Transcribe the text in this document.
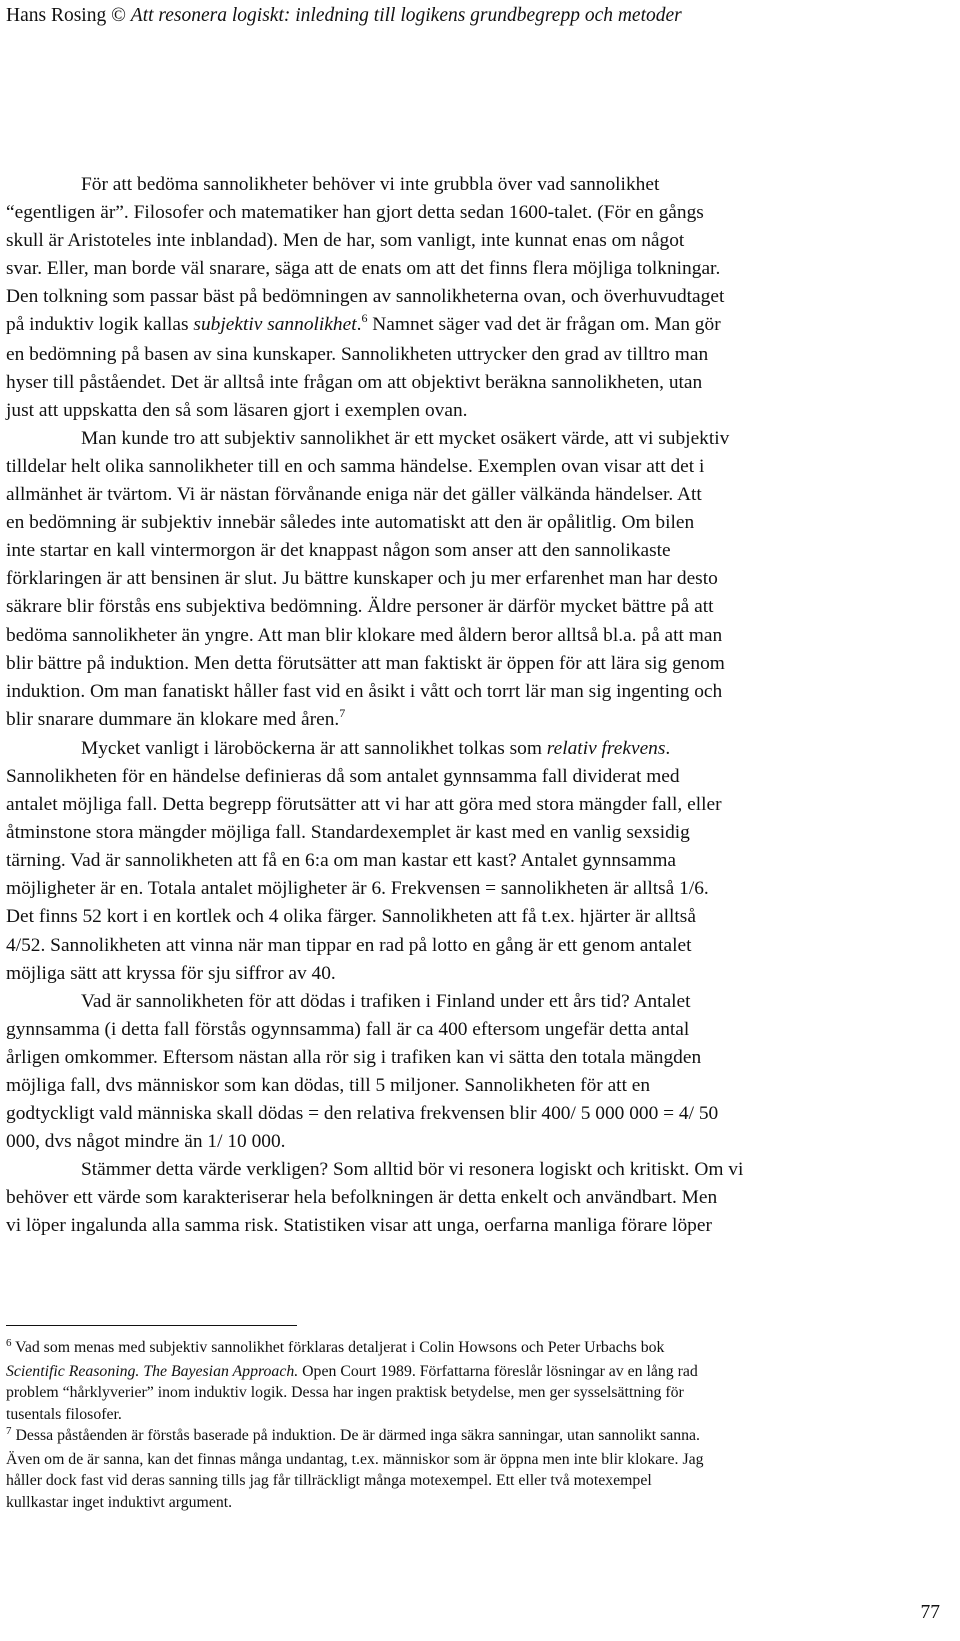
Hans Rosing © Att resonera logiskt: inledning till logikens grundbegrepp och metoder
För att bedöma sannolikheter behöver vi inte grubbla över vad sannolikhet
“egentligen är”. Filosofer och matematiker han gjort detta sedan 1600-talet. (För en gångs
skull är Aristoteles inte inblandad). Men de har, som vanligt, inte kunnat enas om något
svar. Eller, man borde väl snarare, säga att de enats om att det finns flera möjliga tolkningar.
Den tolkning som passar bäst på bedömningen av sannolikheterna ovan, och överhuvudtaget
på induktiv logik kallas subjektiv sannolikhet.$^6$ Namnet säger vad det är frågan om. Man gör
en bedömning på basen av sina kunskaper. Sannolikheten uttrycker den grad av tilltro man
hyser till påståendet. Det är alltså inte frågan om att objektivt beräkna sannolikheten, utan
just att uppskatta den så som läsaren gjort i exemplen ovan.
Man kunde tro att subjektiv sannolikhet är ett mycket osäkert värde, att vi subjektiv
tilldelar helt olika sannolikheter till en och samma händelse. Exemplen ovan visar att det i
allmänhet är tvärtom. Vi är nästan förvånande eniga när det gäller välkända händelser. Att
en bedömning är subjektiv innebär således inte automatiskt att den är opålitlig. Om bilen
inte startar en kall vintermorgon är det knappast någon som anser att den sannolikaste
förklaringen är att bensinen är slut. Ju bättre kunskaper och ju mer erfarenhet man har desto
säkrare blir förstås ens subjektiva bedömning. Äldre personer är därför mycket bättre på att
bedöma sannolikheter än yngre. Att man blir klokare med åldern beror alltså bl.a. på att man
blir bättre på induktion. Men detta förutsätter att man faktiskt är öppen för att lära sig genom
induktion. Om man fanatiskt håller fast vid en åsikt i vått och torrt lär man sig ingenting och
blir snarare dummare än klokare med åren.$^7$
Mycket vanligt i läroböckerna är att sannolikhet tolkas som relativ frekvens.
Sannolikheten för en händelse definieras då som antalet gynnsamma fall dividerat med
antalet möjliga fall. Detta begrepp förutsätter att vi har att göra med stora mängder fall, eller
åtminstone stora mängder möjliga fall. Standardexemplet är kast med en vanlig sexsidig
tärning. Vad är sannolikheten att få en 6:a om man kastar ett kast? Antalet gynnsamma
möjligheter är en. Totala antalet möjligheter är 6. Frekvensen = sannolikheten är alltså 1/6.
Det finns 52 kort i en kortlek och 4 olika färger. Sannolikheten att få t.ex. hjärter är alltså
4/52. Sannolikheten att vinna när man tippar en rad på lotto en gång är ett genom antalet
möjliga sätt att kryssa för sju siffror av 40.
Vad är sannolikheten för att dödas i trafiken i Finland under ett års tid? Antalet
gynnsamma (i detta fall förstås ogynnsamma) fall är ca 400 eftersom ungefär detta antal
årligen omkommer. Eftersom nästan alla rör sig i trafiken kan vi sätta den totala mängden
möjliga fall, dvs människor som kan dödas, till 5 miljoner. Sannolikheten för att en
godtyckligt vald människa skall dödas = den relativa frekvensen blir 400/ 5 000 000 = 4/ 50
000, dvs något mindre än 1/ 10 000.
Stämmer detta värde verkligen? Som alltid bör vi resonera logiskt och kritiskt. Om vi
behöver ett värde som karakteriserar hela befolkningen är detta enkelt och användbart. Men
vi löper ingalunda alla samma risk. Statistiken visar att unga, oerfarna manliga förare löper
$^6$ Vad som menas med subjektiv sannolikhet förklaras detaljerat i Colin Howsons och Peter Urbachs bok
Scientific Reasoning. The Bayesian Approach. Open Court 1989. Författarna föreslår lösningar av en lång rad
problem “hårklyverier” inom induktiv logik. Dessa har ingen praktisk betydelse, men ger sysselsättning för
tusentals filosofer.
$^7$ Dessa påståenden är förstås baserade på induktion. De är därmed inga säkra sanningar, utan sannolikt sanna.
Även om de är sanna, kan det finnas många undantag, t.ex. människor som är öppna men inte blir klokare. Jag
håller dock fast vid deras sanning tills jag får tillräckligt många motexempel. Ett eller två motexempel
kullkastar inget induktivt argument.
77
